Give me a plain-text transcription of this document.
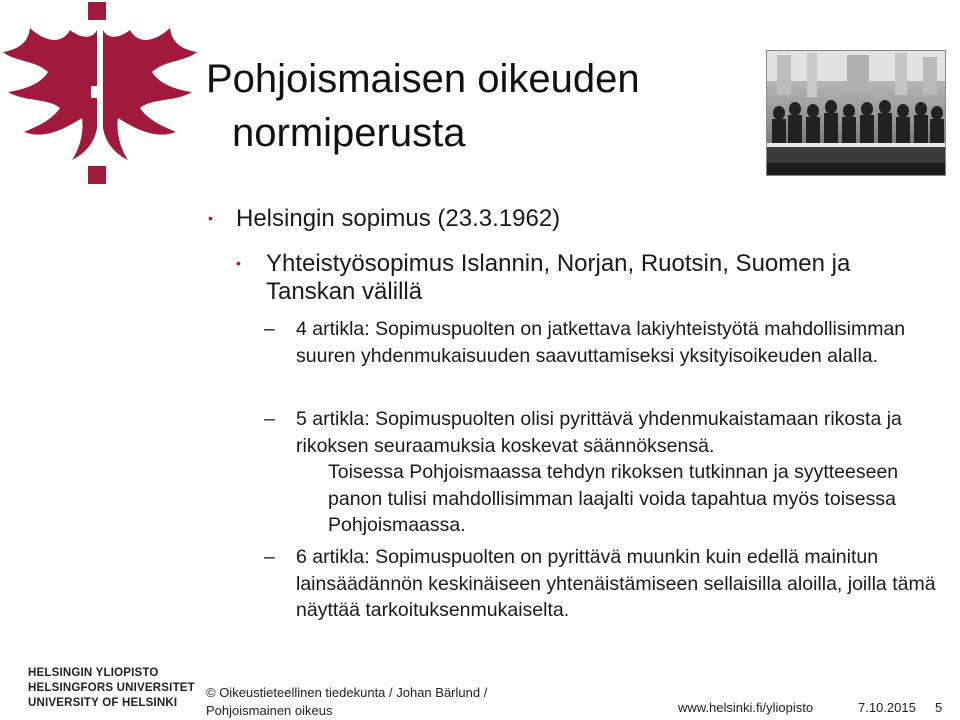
Pohjoismaisen oikeuden
normiperusta
• Helsingin sopimus (23.3.1962)
•	Yhteistyösopimus Islannin, Norjan, Ruotsin, Suomen ja Tanskan välillä
–	4 artikla: Sopimuspuolten on jatkettava lakiyhteistyötä mahdollisimman suuren yhdenmukaisuuden saavuttamiseksi yksityisoikeuden alalla.
–	5 artikla: Sopimuspuolten olisi pyrittävä yhdenmukaistamaan rikosta ja rikoksen seuraamuksia koskevat säännöksensä.
Toisessa Pohjoismaassa tehdyn rikoksen tutkinnan ja syytteeseen panon tulisi mahdollisimman laajalti voida tapahtua myös toisessa Pohjoismaassa.
–	6 artikla: Sopimuspuolten on pyrittävä muunkin kuin edellä mainitun lainsäädännön keskinäiseen yhtenäistämiseen sellaisilla aloilla, joilla tämä näyttää tarkoituksenmukaiselta.
HELSINGIN YLIOPISTO
HELSINGFORS UNIVERSITET
UNIVERSITY OF HELSINKI
© Oikeustieteellinen tiedekunta / Johan Bärlund /
Pohjoismainen oikeus	www.helsinki.fi/yliopisto	7.10.2015 5
